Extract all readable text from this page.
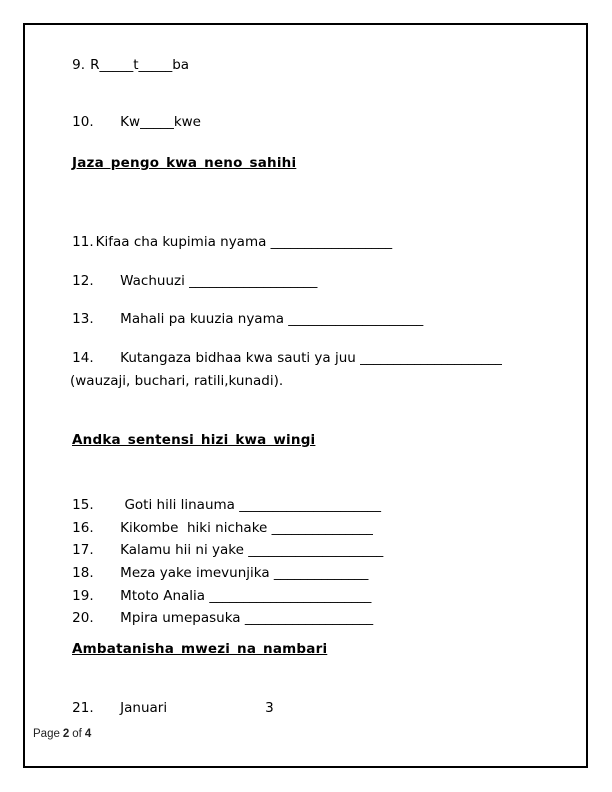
9. R_____t_____ba

10. Kw_____kwe

Jaza pengo kwa neno sahihi

11. Kifaa cha kupimia nyama __________________

12. Wachuuzi ___________________

13. Mahali pa kuuzia nyama ____________________

14. Kutangaza bidhaa kwa sauti ya juu _____________________

(wauzaji, buchari, ratili,kunadi).
Andka sentensi hizi kwa wingi

15. Goti hili linauma _____________________

16. Kikombe  hiki nichake _______________

17. Kalamu hii ni yake ____________________

18. Meza yake imevunjika ______________

19. Mtoto Analia ________________________

20. Mpira umepasuka ___________________

Ambatanisha mwezi na nambari

21. Januari	3

Page 2 of 4
